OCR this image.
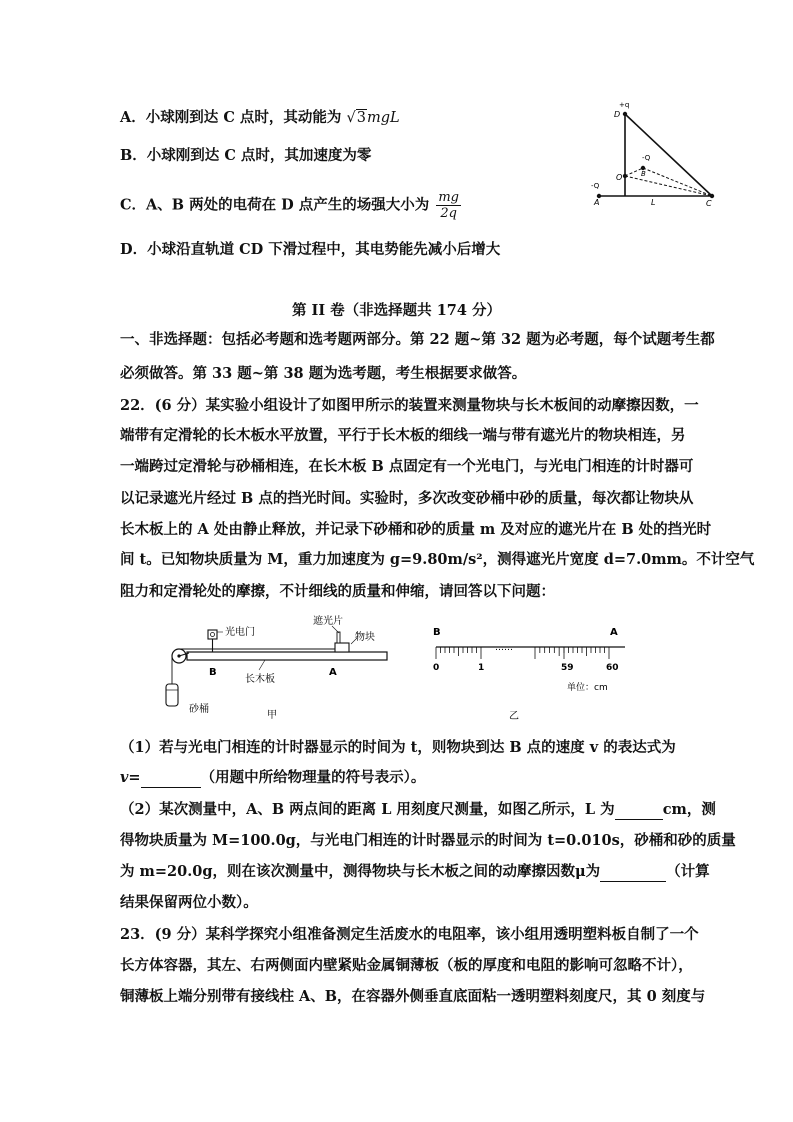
A．小球刚到达 C 点时，其动能为 √3mgL
B．小球刚到达 C 点时，其加速度为零
C．A、B 两处的电荷在 D 点产生的场强大小为 $\frac{mg}{2q}$
D．小球沿直轨道 CD 下滑过程中，其电势能先减小后增大
+q
D
-Q
O	B
-Q
A	L	C
第 II 卷（非选择题共 174 分）
一、非选择题：包括必考题和选考题两部分。第 22 题~第 32 题为必考题，每个试题考生都
必须做答。第 33 题~第 38 题为选考题，考生根据要求做答。
22．(6 分）某实验小组设计了如图甲所示的装置来测量物块与长木板间的动摩擦因数，一
端带有定滑轮的长木板水平放置，平行于长木板的细线一端与带有遮光片的物块相连，另
一端跨过定滑轮与砂桶相连，在长木板 B 点固定有一个光电门，与光电门相连的计时器可
以记录遮光片经过 B 点的挡光时间。实验时，多次改变砂桶中砂的质量，每次都让物块从
长木板上的 A 处由静止释放，并记录下砂桶和砂的质量 m 及对应的遮光片在 B 处的挡光时
间 t。已知物块质量为 M，重力加速度为 g=9.80m/s²，测得遮光片宽度 d=7.0mm。不计空气
阻力和定滑轮处的摩擦，不计细线的质量和伸缩，请回答以下问题：
光电门
遮光片
物块
B	A
长木板
砂桶
甲
B	A
0	1
……
59	60
单位：cm
乙
（1）若与光电门相连的计时器显示的时间为 t，则物块到达 B 点的速度 v 的表达式为
v=	（用题中所给物理量的符号表示）。
（2）某次测量中，A、B 两点间的距离 L 用刻度尺测量，如图乙所示，L 为	cm，测
得物块质量为 M=100.0g，与光电门相连的计时器显示的时间为 t=0.010s，砂桶和砂的质量
为 m=20.0g，则在该次测量中，测得物块与长木板之间的动摩擦因数μ为	（计算
结果保留两位小数）。
23．(9 分）某科学探究小组准备测定生活废水的电阻率，该小组用透明塑料板自制了一个
长方体容器，其左、右两侧面内壁紧贴金属铜薄板（板的厚度和电阻的影响可忽略不计），
铜薄板上端分别带有接线柱 A、B，在容器外侧垂直底面粘一透明塑料刻度尺，其 0 刻度与
